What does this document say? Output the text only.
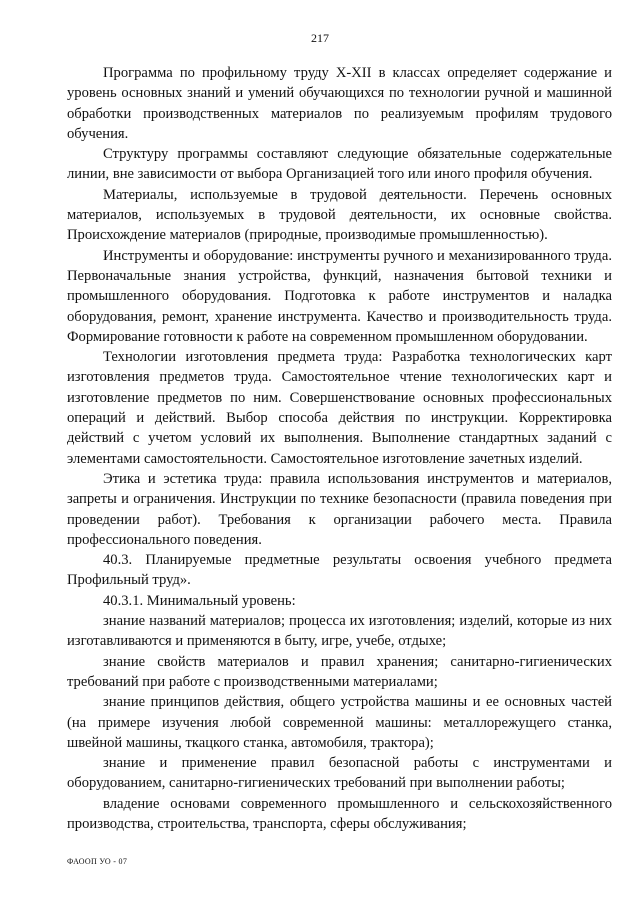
217

Программа по профильному труду X-XII в классах определяет содержание и уровень основных знаний и умений обучающихся по технологии ручной и машинной обработки производственных материалов по реализуемым профилям трудового обучения.

Структуру программы составляют следующие обязательные содержательные линии, вне зависимости от выбора Организацией того или иного профиля обучения.

Материалы, используемые в трудовой деятельности. Перечень основных материалов, используемых в трудовой деятельности, их основные свойства. Происхождение материалов (природные, производимые промышленностью).

Инструменты и оборудование: инструменты ручного и механизированного труда. Первоначальные знания устройства, функций, назначения бытовой техники и промышленного оборудования. Подготовка к работе инструментов и наладка оборудования, ремонт, хранение инструмента. Качество и производительность труда. Формирование готовности к работе на современном промышленном оборудовании.

Технологии изготовления предмета труда: Разработка технологических карт изготовления предметов труда. Самостоятельное чтение технологических карт и изготовление предметов по ним. Совершенствование основных профессиональных операций и действий. Выбор способа действия по инструкции. Корректировка действий с учетом условий их выполнения. Выполнение стандартных заданий с элементами самостоятельности. Самостоятельное изготовление зачетных изделий.

Этика и эстетика труда: правила использования инструментов и материалов, запреты и ограничения. Инструкции по технике безопасности (правила поведения при проведении работ). Требования к организации рабочего места. Правила профессионального поведения.

40.3. Планируемые предметные результаты освоения учебного предмета Профильный труд».

40.3.1. Минимальный уровень:

знание названий материалов; процесса их изготовления; изделий, которые из них изготавливаются и применяются в быту, игре, учебе, отдыхе;

знание свойств материалов и правил хранения; санитарно-гигиенических требований при работе с производственными материалами;

знание принципов действия, общего устройства машины и ее основных частей (на примере изучения любой современной машины: металлорежущего станка, швейной машины, ткацкого станка, автомобиля, трактора);

знание и применение правил безопасной работы с инструментами и оборудованием, санитарно-гигиенических требований при выполнении работы;

владение основами современного промышленного и сельскохозяйственного производства, строительства, транспорта, сферы обслуживания;

ФАООП УО - 07
